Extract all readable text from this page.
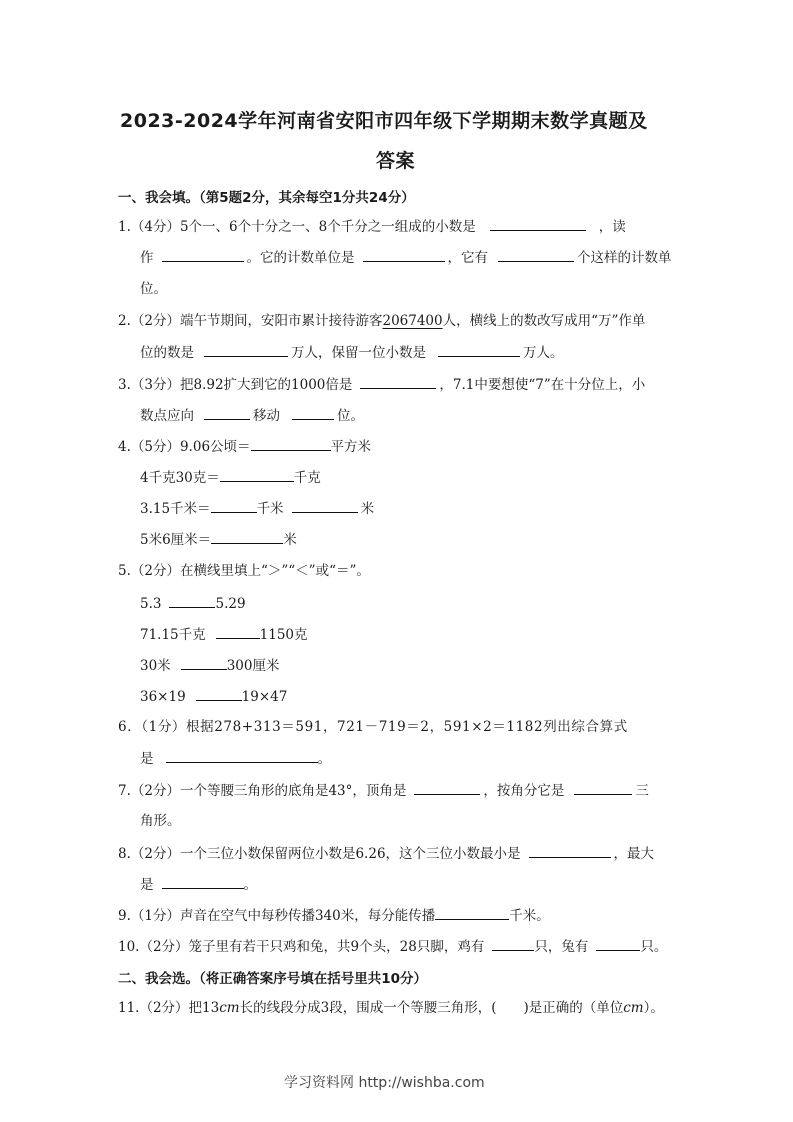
2023-2024学年河南省安阳市四年级下学期期末数学真题及
答案
一、我会填。（第5题2分，其余每空1分共24分）
1.（4分）5个一、6个十分之一、8个千分之一组成的小数是	，读
作	。它的计数单位是	，它有	个这样的计数单
位。
2.（2分）端午节期间，安阳市累计接待游客2067400人，横线上的数改写成用“万”作单
位的数是	万人，保留一位小数是	万人。
3.（3分）把8.92扩大到它的1000倍是	，7.1中要想使“7”在十分位上，小
数点应向	移动	位。
4.（5分）9.06公顷＝	平方米
4千克30克＝	千克
3.15千米＝	千米	米
5米6厘米＝	米
5.（2分）在横线里填上“＞”“＜”或“＝”。
5.3	5.29
71.15千克	1150克
30米	300厘米
36×19	19×47
6．（1分）根据278+313＝591，721－719＝2，591×2＝1182列出综合算式
是	。
7.（2分）一个等腰三角形的底角是43°，顶角是	，按角分它是	三
角形。
8.（2分）一个三位小数保留两位小数是6.26，这个三位小数最小是	，最大
是	。
9.（1分）声音在空气中每秒传播340米，每分能传播	千米。
10.（2分）笼子里有若干只鸡和兔，共9个头，28只脚，鸡有	只，兔有	只。
二、我会选。（将正确答案序号填在括号里共10分）
11.（2分）把13cm长的线段分成3段，围成一个等腰三角形，(　　)是正确的（单位cm）。
学习资料网 http://wishba.com
